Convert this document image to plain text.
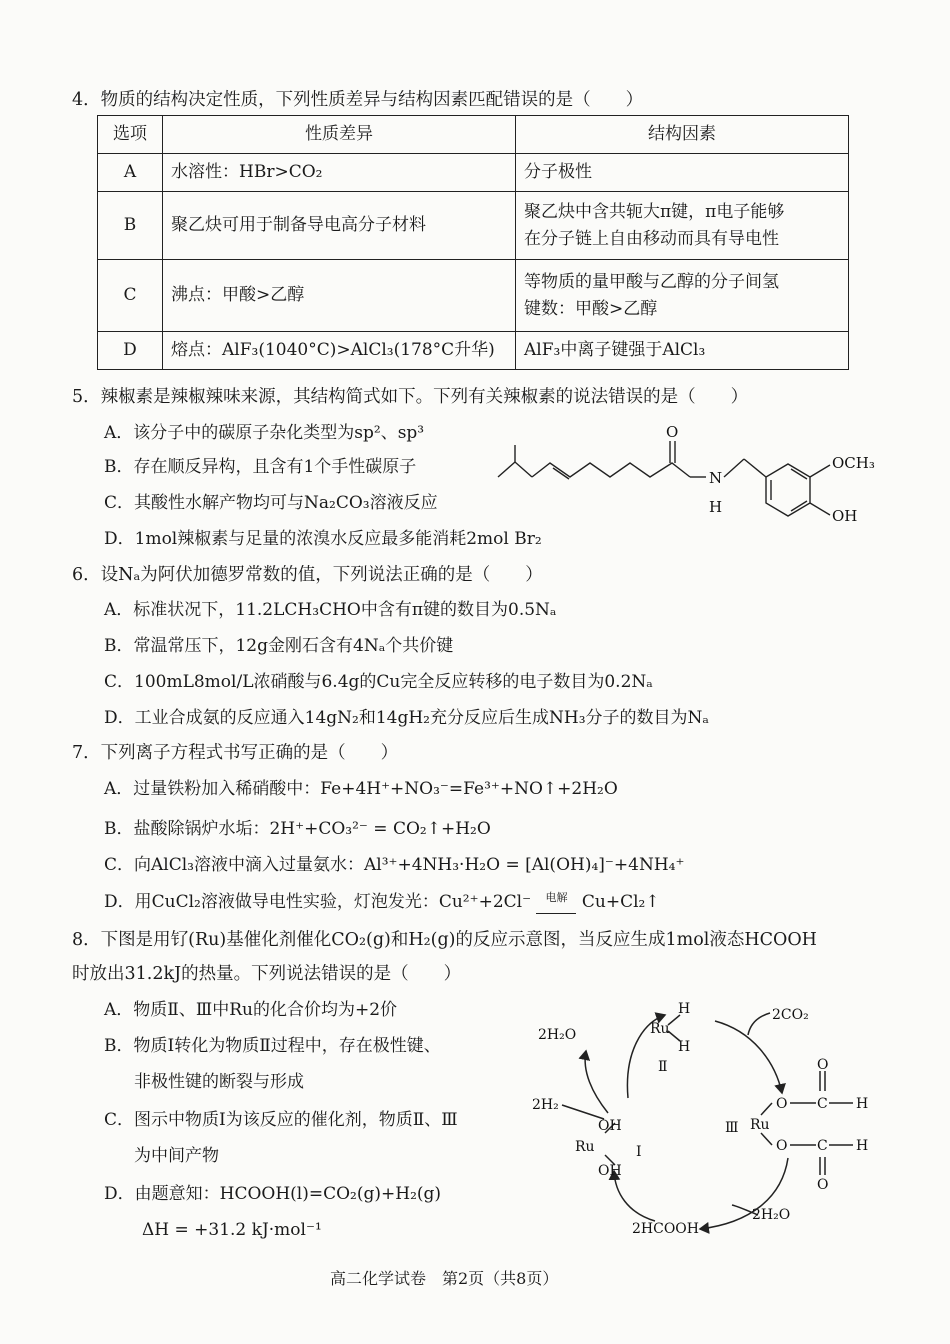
4．物质的结构决定性质，下列性质差异与结构因素匹配错误的是（　　）
选项	性质差异	结构因素
A	水溶性：HBr>CO₂	分子极性

B	聚乙炔可用于制备导电高分子材料	聚乙炔中含共轭大π键，π电子能够
在分子链上自由移动而具有导电性

C	沸点：甲酸>乙醇	等物质的量甲酸与乙醇的分子间氢
键数：甲酸>乙醇

D	熔点：AlF₃(1040°C)>AlCl₃(178°C升华)	AlF₃中离子键强于AlCl₃
5．辣椒素是辣椒辣味来源，其结构简式如下。下列有关辣椒素的说法错误的是（　　）
A．该分子中的碳原子杂化类型为sp²、sp³
B．存在顺反异构，且含有1个手性碳原子
C．其酸性水解产物均可与Na₂CO₃溶液反应
D．1mol辣椒素与足量的浓溴水反应最多能消耗2mol Br₂
O
N
H
OCH₃
OH
6．设Nₐ为阿伏加德罗常数的值，下列说法正确的是（　　）
A．标准状况下，11.2LCH₃CHO中含有π键的数目为0.5Nₐ
B．常温常压下，12g金刚石含有4Nₐ个共价键
C．100mL8mol/L浓硝酸与6.4g的Cu完全反应转移的电子数目为0.2Nₐ
D．工业合成氨的反应通入14gN₂和14gH₂充分反应后生成NH₃分子的数目为Nₐ
7．下列离子方程式书写正确的是（　　）
A．过量铁粉加入稀硝酸中：Fe+4H⁺+NO₃⁻=Fe³⁺+NO↑+2H₂O
B．盐酸除锅炉水垢：2H⁺+CO₃²⁻ = CO₂↑+H₂O
C．向AlCl₃溶液中滴入过量氨水：Al³⁺+4NH₃·H₂O = [Al(OH)₄]⁻+4NH₄⁺
D．用CuCl₂溶液做导电性实验，灯泡发光：Cu²⁺+2Cl⁻	电解 Cu+Cl₂↑
8．下图是用钌(Ru)基催化剂催化CO₂(g)和H₂(g)的反应示意图，当反应生成1mol液态HCOOH
时放出31.2kJ的热量。下列说法错误的是（　　）
A．物质Ⅱ、Ⅲ中Ru的化合价均为+2价
B．物质Ⅰ转化为物质Ⅱ过程中，存在极性键、
非极性键的断裂与形成
C．图示中物质Ⅰ为该反应的催化剂，物质Ⅱ、Ⅲ
为中间产物
D．由题意知：HCOOH(l)=CO₂(g)+H₂(g)
ΔH = +31.2 kJ·mol⁻¹
Ru
H
H
Ⅱ
2H₂O
2CO₂
2H₂
OH
Ru
OH
Ⅰ
Ⅲ Ru
O C
O
H
O C
O
H
2H₂O
2HCOOH
高二化学试卷　第2页（共8页）
